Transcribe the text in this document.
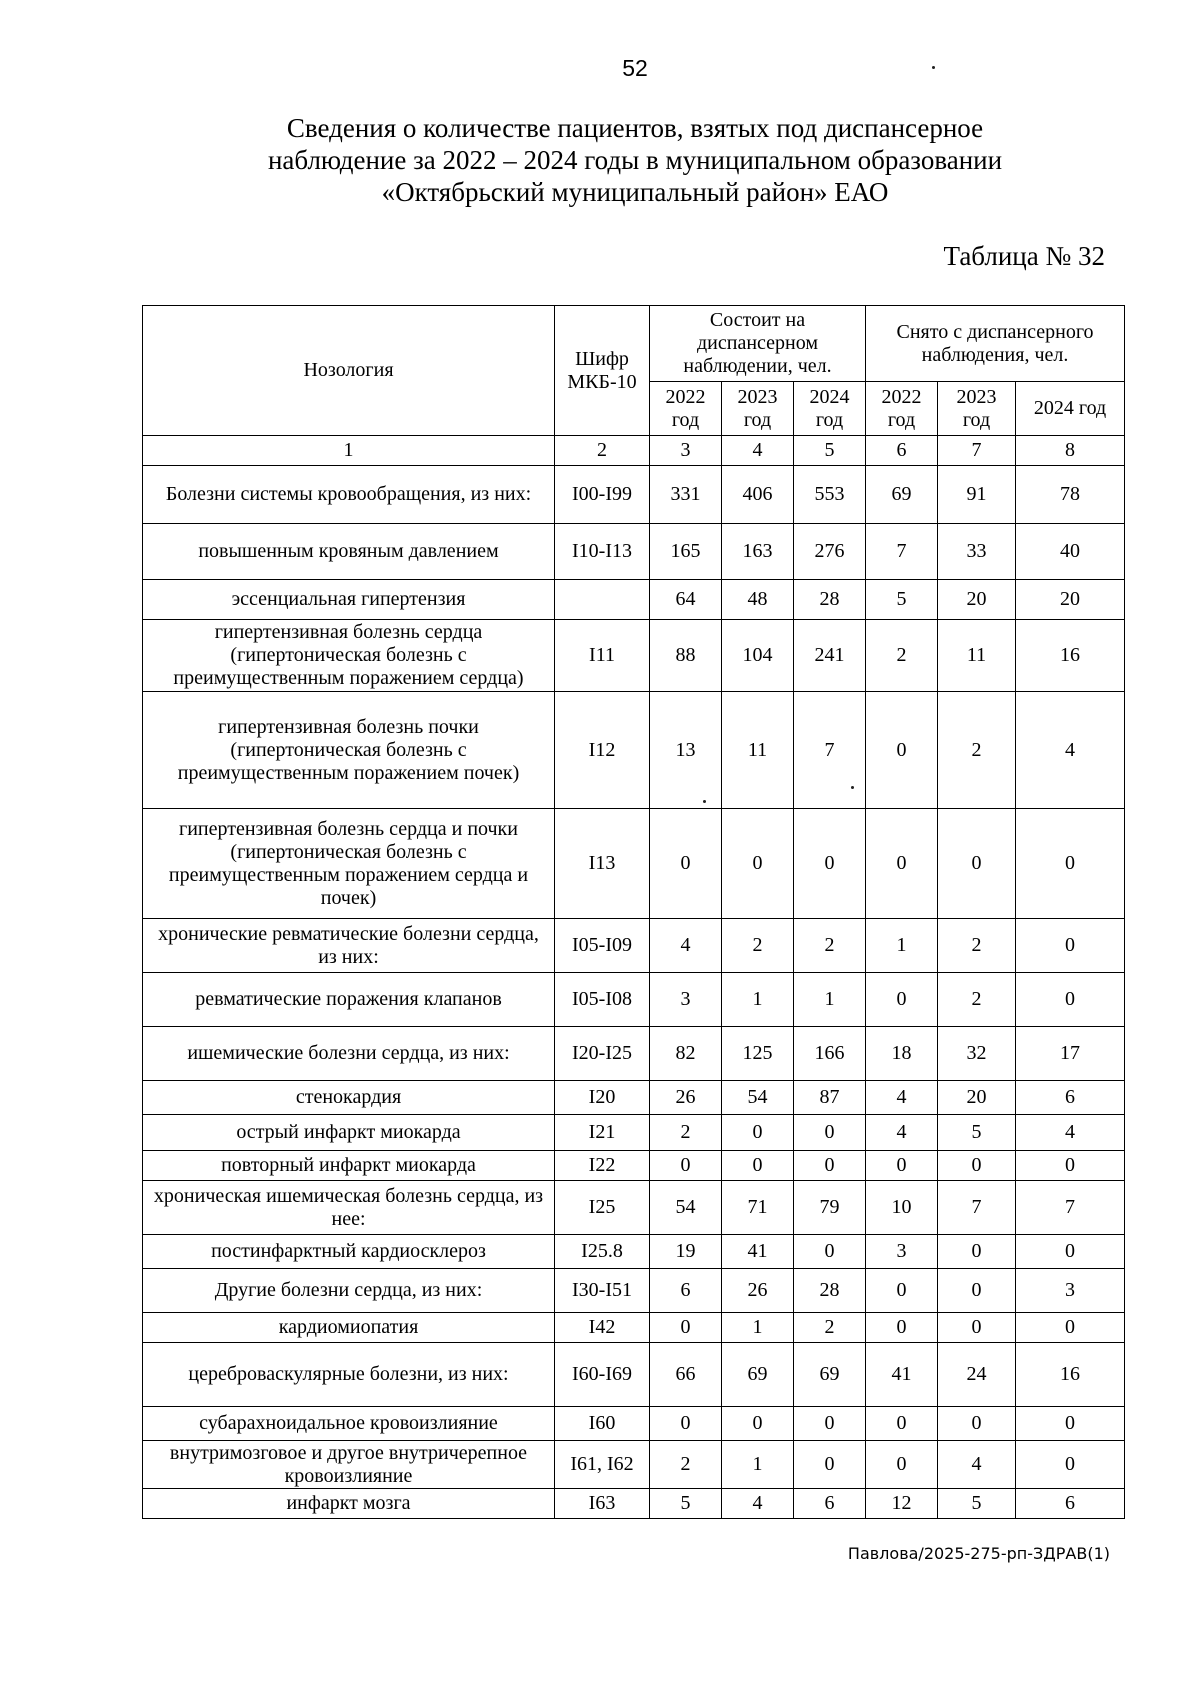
52
Сведения о количестве пациентов, взятых под диспансерное
наблюдение за 2022 – 2024 годы в муниципальном образовании
«Октябрьский муниципальный район» ЕАО
Таблица № 32
Нозология	Шифр МКБ-10	Состоит на диспансерном наблюдении, чел.			Снято с диспансерного наблюдения, чел.		
		2022 год	2023 год	2024 год	2022 год	2023 год	2024 год
1	2	3	4	5	6	7	8
Болезни системы кровообращения, из них:	I00-I99	331	406	553	69	91	78
повышенным кровяным давлением	I10-I13	165	163	276	7	33	40
эссенциальная гипертензия		64	48	28	5	20	20
гипертензивная болезнь сердца (гипертоническая болезнь с преимущественным поражением сердца)	I11	88	104	241	2	11	16
гипертензивная болезнь почки (гипертоническая болезнь с преимущественным поражением почек)	I12	13	11	7	0	2	4
гипертензивная болезнь сердца и почки (гипертоническая болезнь с преимущественным поражением сердца и почек)	I13	0	0	0	0	0	0
хронические ревматические болезни сердца, из них:	I05-I09	4	2	2	1	2	0
ревматические поражения клапанов	I05-I08	3	1	1	0	2	0
ишемические болезни сердца, из них:	I20-I25	82	125	166	18	32	17
стенокардия	I20	26	54	87	4	20	6
острый инфаркт миокарда	I21	2	0	0	4	5	4
повторный инфаркт миокарда	I22	0	0	0	0	0	0
хроническая ишемическая болезнь сердца, из нее:	I25	54	71	79	10	7	7
постинфарктный кардиосклероз	I25.8	19	41	0	3	0	0
Другие болезни сердца, из них:	I30-I51	6	26	28	0	0	3
кардиомиопатия	I42	0	1	2	0	0	0
цереброваскулярные болезни, из них:	I60-I69	66	69	69	41	24	16
субарахноидальное кровоизлияние	I60	0	0	0	0	0	0
внутримозговое и другое внутричерепное кровоизлияние	I61, I62	2	1	0	0	4	0
инфаркт мозга	I63	5	4	6	12	5	6
Павлова/2025-275-рп-ЗДРАВ(1)
